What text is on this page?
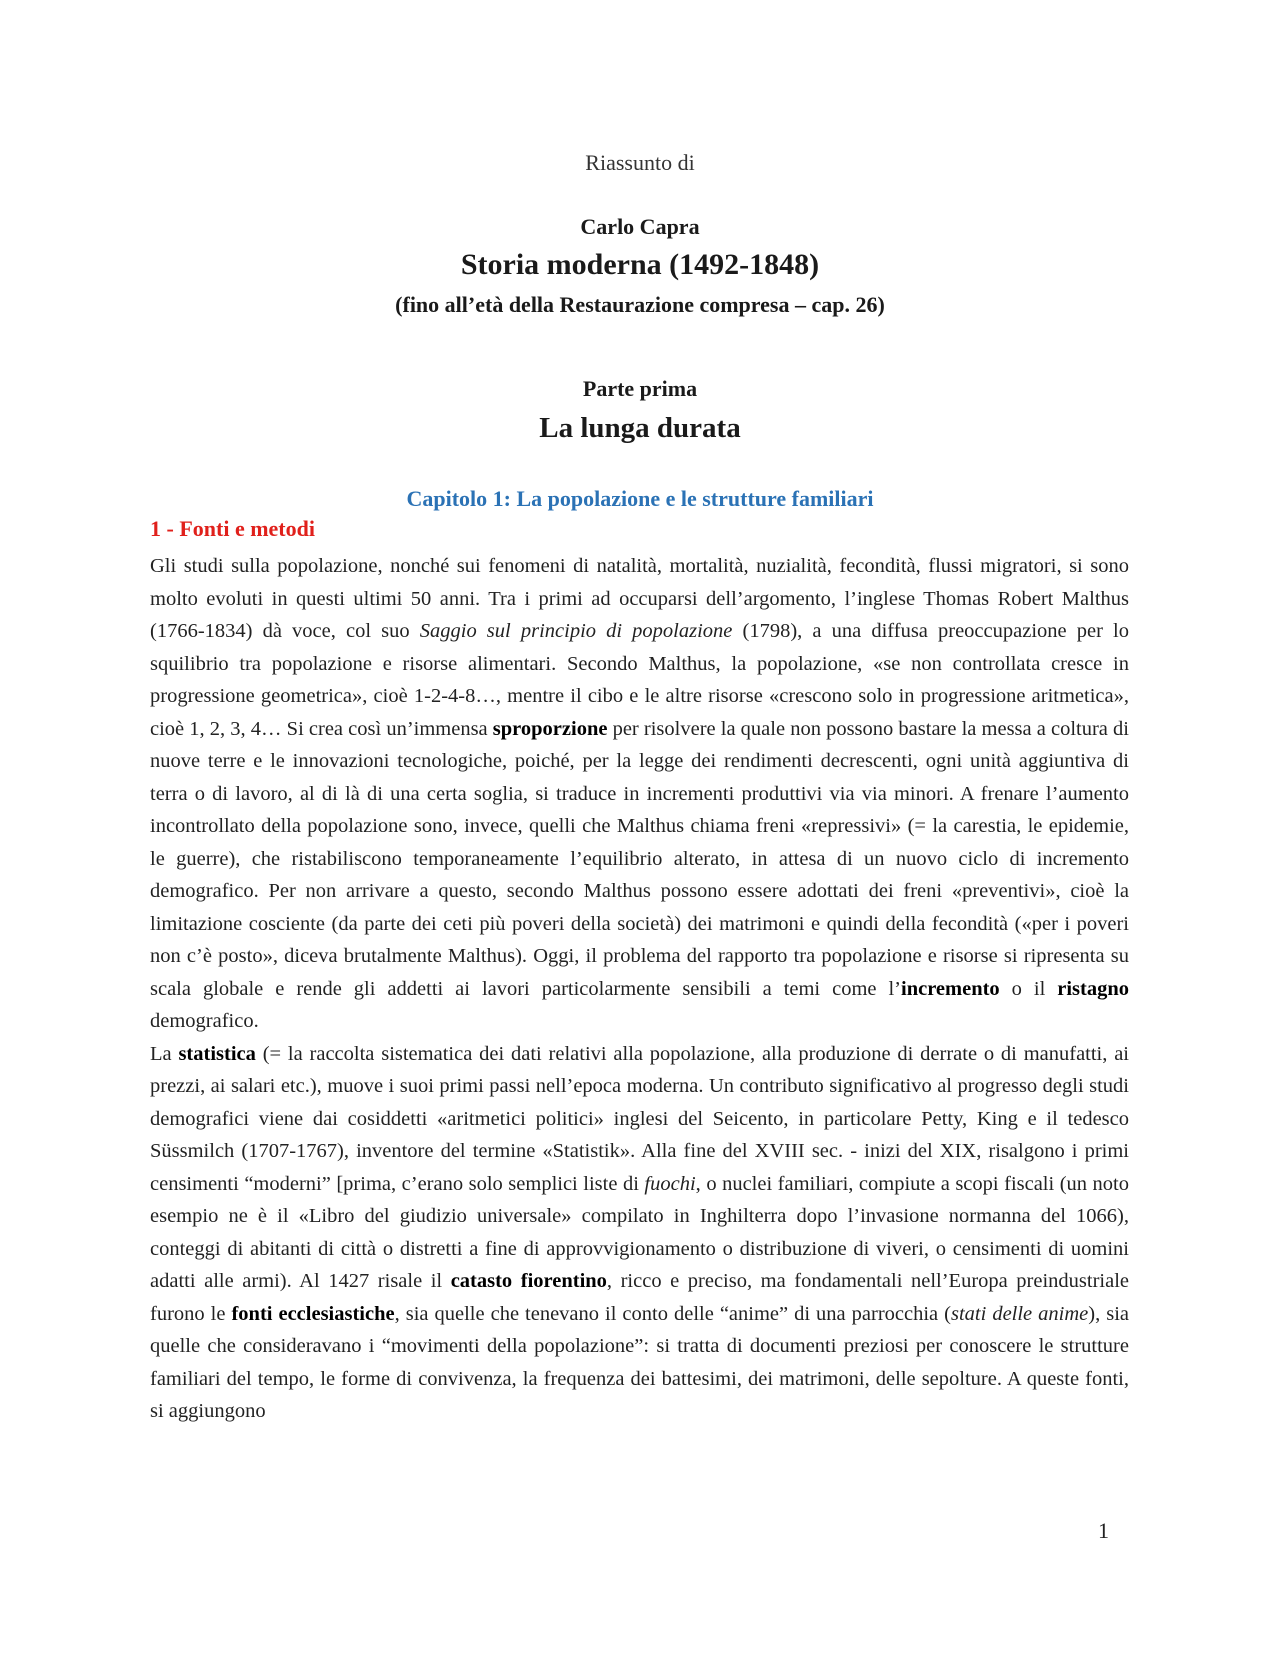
Riassunto di
Carlo Capra
Storia moderna (1492-1848)
(fino all’età della Restaurazione compresa – cap. 26)
Parte prima
La lunga durata
Capitolo 1: La popolazione e le strutture familiari
1 - Fonti e metodi

Gli studi sulla popolazione, nonché sui fenomeni di natalità, mortalità, nuzialità, fecondità, flussi migratori, si sono molto evoluti in questi ultimi 50 anni. Tra i primi ad occuparsi dell’argomento, l’inglese Thomas Robert Malthus (1766-1834) dà voce, col suo Saggio sul principio di popolazione (1798), a una diffusa preoccupazione per lo squilibrio tra popolazione e risorse alimentari. Secondo Malthus, la popolazione, «se non controllata cresce in progressione geometrica», cioè 1-2-4-8…, mentre il cibo e le altre risorse «crescono solo in progressione aritmetica», cioè 1, 2, 3, 4… Si crea così un’immensa sproporzione per risolvere la quale non possono bastare la messa a coltura di nuove terre e le innovazioni tecnologiche, poiché, per la legge dei rendimenti decrescenti, ogni unità aggiuntiva di terra o di lavoro, al di là di una certa soglia, si traduce in incrementi produttivi via via minori. A frenare l’aumento incontrollato della popolazione sono, invece, quelli che Malthus chiama freni «repressivi» (= la carestia, le epidemie, le guerre), che ristabiliscono temporaneamente l’equilibrio alterato, in attesa di un nuovo ciclo di incremento demografico. Per non arrivare a questo, secondo Malthus possono essere adottati dei freni «preventivi», cioè la limitazione cosciente (da parte dei ceti più poveri della società) dei matrimoni e quindi della fecondità («per i poveri non c’è posto», diceva brutalmente Malthus). Oggi, il problema del rapporto tra popolazione e risorse si ripresenta su scala globale e rende gli addetti ai lavori particolarmente sensibili a temi come l’incremento o il ristagno demografico.

La statistica (= la raccolta sistematica dei dati relativi alla popolazione, alla produzione di derrate o di manufatti, ai prezzi, ai salari etc.), muove i suoi primi passi nell’epoca moderna. Un contributo significativo al progresso degli studi demografici viene dai cosiddetti «aritmetici politici» inglesi del Seicento, in particolare Petty, King e il tedesco Süssmilch (1707-1767), inventore del termine «Statistik». Alla fine del XVIII sec. - inizi del XIX, risalgono i primi censimenti “moderni” [prima, c’erano solo semplici liste di fuochi, o nuclei familiari, compiute a scopi fiscali (un noto esempio ne è il «Libro del giudizio universale» compilato in Inghilterra dopo l’invasione normanna del 1066), conteggi di abitanti di città o distretti a fine di approvvigionamento o distribuzione di viveri, o censimenti di uomini adatti alle armi). Al 1427 risale il catasto fiorentino, ricco e preciso, ma fondamentali nell’Europa preindustriale furono le fonti ecclesiastiche, sia quelle che tenevano il conto delle “anime” di una parrocchia (stati delle anime), sia quelle che consideravano i “movimenti della popolazione”: si tratta di documenti preziosi per conoscere le strutture familiari del tempo, le forme di convivenza, la frequenza dei battesimi, dei matrimoni, delle sepolture. A queste fonti, si aggiungono

1
